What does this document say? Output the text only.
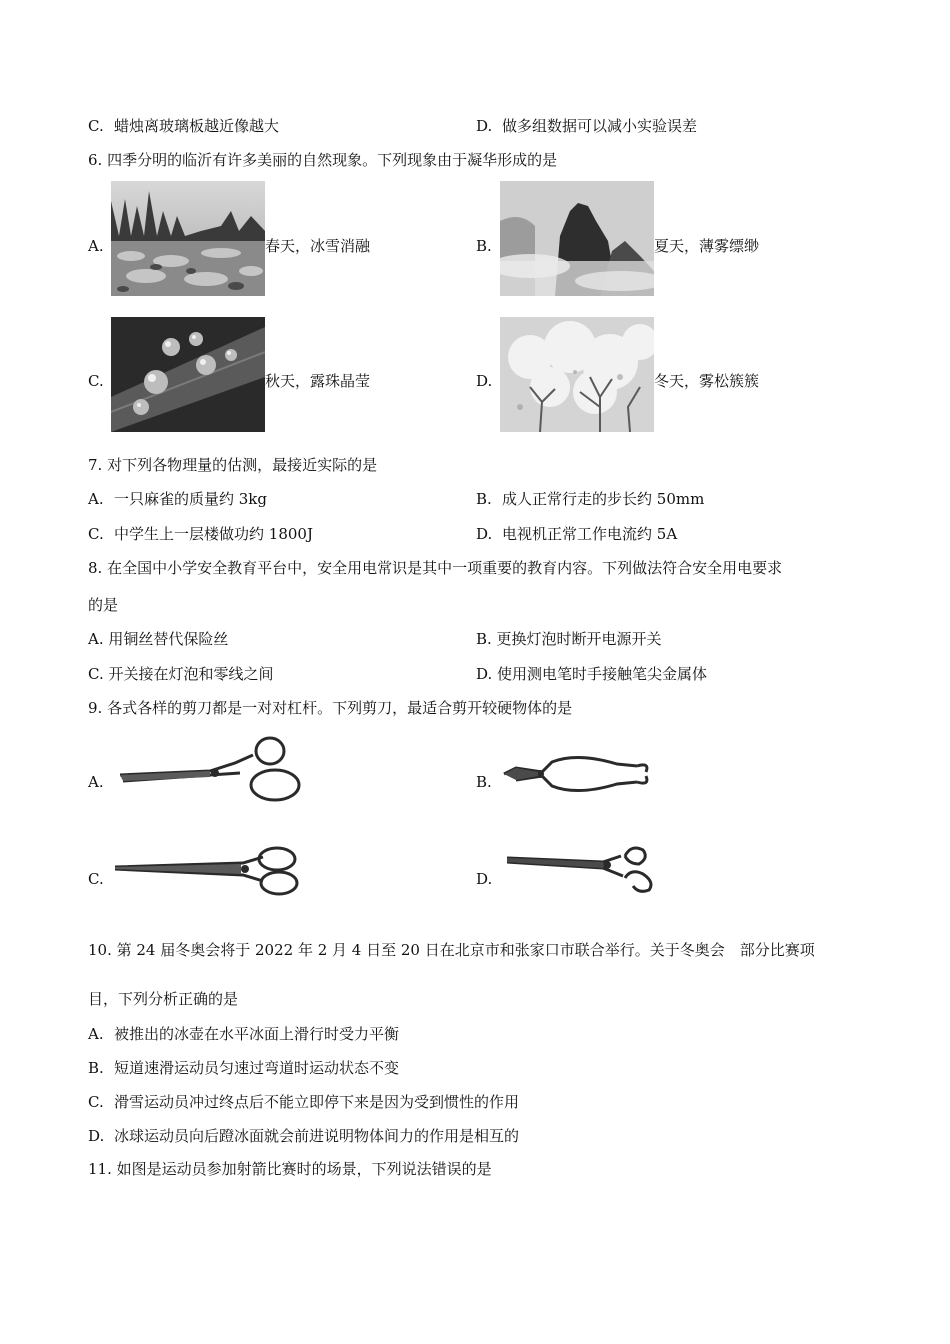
C. 蜡烛离玻璃板越近像越大	D. 做多组数据可以减小实验误差
6. 四季分明的临沂有许多美丽的自然现象。下列现象由于凝华形成的是
A.	春天，冰雪消融	B.	夏天，薄雾缥缈
C.	秋天，露珠晶莹	D.	冬天，雾松簇簇
7. 对下列各物理量的估测，最接近实际的是
A. 一只麻雀的质量约 3kg	B. 成人正常行走的步长约 50mm
C. 中学生上一层楼做功约 1800J	D. 电视机正常工作电流约 5A
8. 在全国中小学安全教育平台中，安全用电常识是其中一项重要的教育内容。下列做法符合安全用电要求
的是
A. 用铜丝替代保险丝	B. 更换灯泡时断开电源开关
C. 开关接在灯泡和零线之间	D. 使用测电笔时手接触笔尖金属体
9. 各式各样的剪刀都是一对对杠杆。下列剪刀，最适合剪开较硬物体的是
A.	B.
C.	D.
10. 第 24 届冬奥会将于 2022 年 2 月 4 日至 20 日在北京市和张家口市联合举行。关于冬奥会　部分比赛项
目，下列分析正确的是
A. 被推出的冰壶在水平冰面上滑行时受力平衡
B. 短道速滑运动员匀速过弯道时运动状态不变
C. 滑雪运动员冲过终点后不能立即停下来是因为受到惯性的作用
D. 冰球运动员向后蹬冰面就会前进说明物体间力的作用是相互的
11. 如图是运动员参加射箭比赛时的场景，下列说法错误的是
